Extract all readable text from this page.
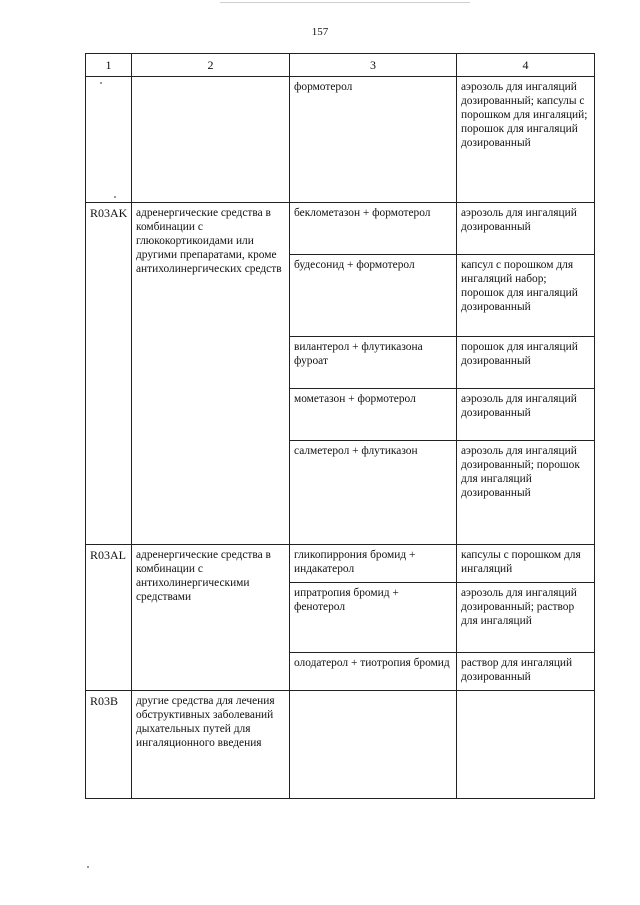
157
1	2	3	4
		формотерол	аэрозоль для ингаляций дозированный; капсулы с порошком для ингаляций; порошок для ингаляций дозированный
R03AK	адренергические средства в комбинации с глюкокортикоидами или другими препаратами, кроме антихолинергических средств	беклометазон + формотерол	аэрозоль для ингаляций дозированный
		будесонид + формотерол	капсул с порошком для ингаляций набор; порошок для ингаляций дозированный
		вилантерол + флутиказона фуроат	порошок для ингаляций дозированный
		мометазон + формотерол	аэрозоль для ингаляций дозированный
		салметерол + флутиказон	аэрозоль для ингаляций дозированный; порошок для ингаляций дозированный
R03AL	адренергические средства в комбинации с антихолинергическими средствами	гликопиррония бромид + индакатерол	капсулы с порошком для ингаляций
		ипратропия бромид + фенотерол	аэрозоль для ингаляций дозированный; раствор для ингаляций
		олодатерол + тиотропия бромид	раствор для ингаляций дозированный
R03B	другие средства для лечения обструктивных заболеваний дыхательных путей для ингаляционного введения		
